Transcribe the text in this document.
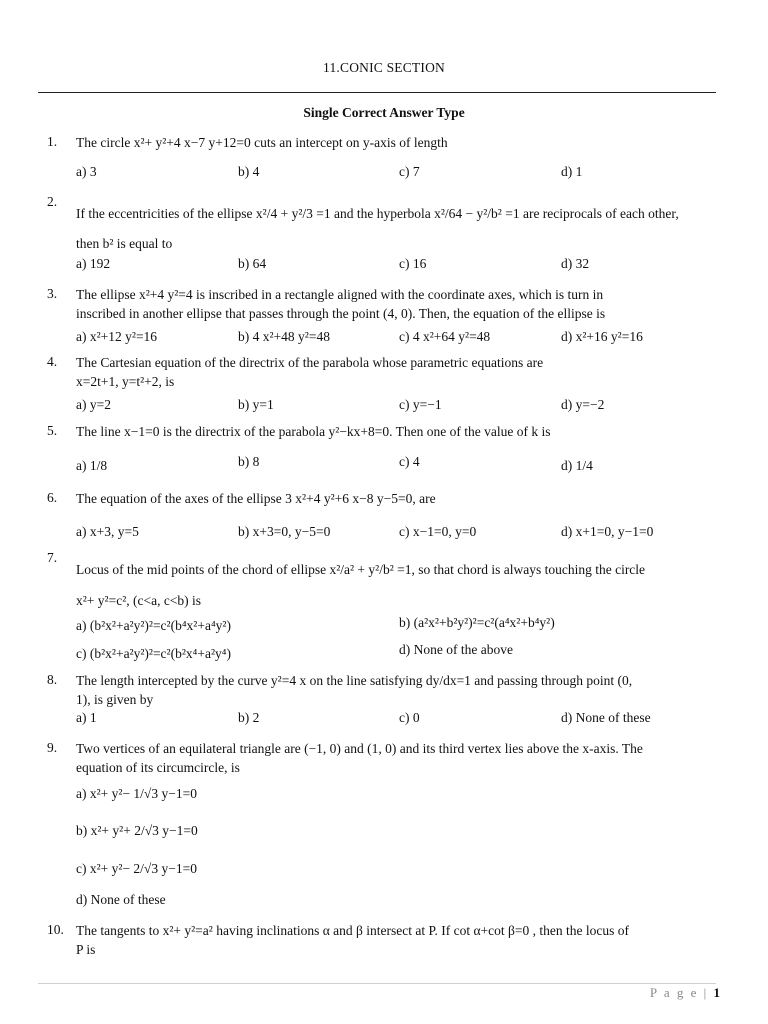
11.CONIC SECTION
Single Correct Answer Type
1. The circle x²+ y²+4 x−7 y+12=0 cuts an intercept on y-axis of length
a) 3	b) 4	c) 7	d) 1
2.
If the eccentricities of the ellipse x²/4 + y²/3 =1 and the hyperbola x²/64 − y²/b² =1 are reciprocals of each other,
then b² is equal to
a) 192	b) 64	c) 16	d) 32
3. The ellipse x²+4 y²=4 is inscribed in a rectangle aligned with the coordinate axes, which is turn in
inscribed in another ellipse that passes through the point (4, 0). Then, the equation of the ellipse is
a) x²+12 y²=16	b) 4 x²+48 y²=48	c) 4 x²+64 y²=48	d) x²+16 y²=16
4. The Cartesian equation of the directrix of the parabola whose parametric equations are
x=2t+1, y=t²+2, is
a) y=2	b) y=1	c) y=−1	d) y=−2
5. The line x−1=0 is the directrix of the parabola y²−kx+8=0. Then one of the value of k is
a) 1/8	b) 8	c) 4	d) 1/4
6. The equation of the axes of the ellipse 3 x²+4 y²+6 x−8 y−5=0, are
a) x+3, y=5	b) x+3=0, y−5=0	c) x−1=0, y=0	d) x+1=0, y−1=0
7.
Locus of the mid points of the chord of ellipse x²/a² + y²/b² =1, so that chord is always touching the circle
x²+ y²=c², (c<a, c<b) is
a) (b²x²+a²y²)²=c²(b⁴x²+a⁴y²)	b) (a²x²+b²y²)²=c²(a⁴x²+b⁴y²)
c) (b²x²+a²y²)²=c²(b²x⁴+a²y⁴)	d) None of the above
8. The length intercepted by the curve y²=4 x on the line satisfying dy/dx=1 and passing through point (0,
1), is given by
a) 1	b) 2	c) 0	d) None of these
9. Two vertices of an equilateral triangle are (−1, 0) and (1, 0) and its third vertex lies above the x-axis. The
equation of its circumcircle, is
a) x²+ y²− 1/√3 y−1=0
b) x²+ y²+ 2/√3 y−1=0
c) x²+ y²− 2/√3 y−1=0
d) None of these
10. The tangents to x²+ y²=a² having inclinations α and β intersect at P. If cot α+cot β=0 , then the locus of
P is
P a g e | 1
